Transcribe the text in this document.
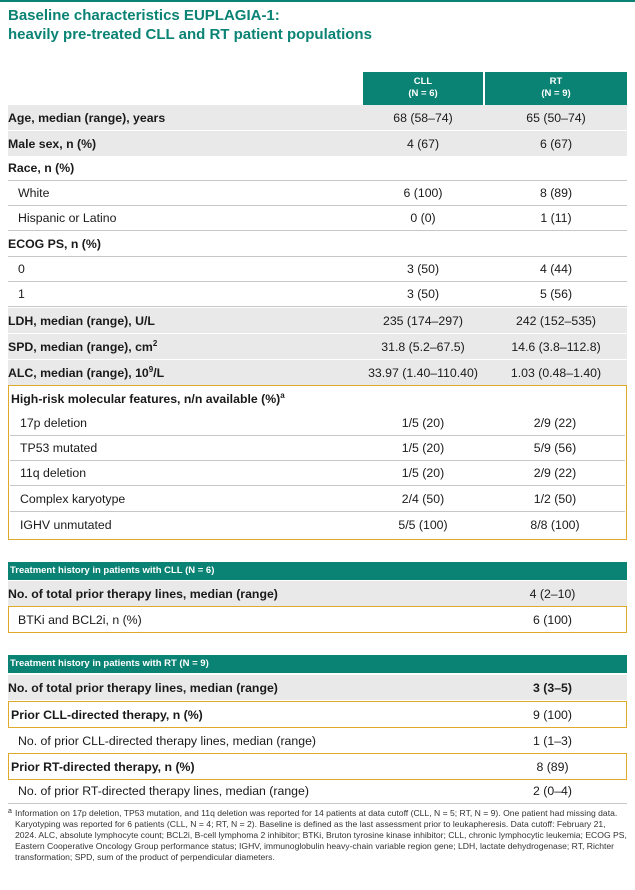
Baseline characteristics EUPLAGIA-1:
heavily pre-treated CLL and RT patient populations
CLL
(N = 6)
RT
(N = 9)
Age, median (range), years	68 (58–74)	65 (50–74)
Male sex, n (%)	4 (67)	6 (67)
Race, n (%)
White	6 (100)	8 (89)
Hispanic or Latino	0 (0)	1 (11)
ECOG PS, n (%)
0	3 (50)	4 (44)
1	3 (50)	5 (56)
LDH, median (range), U/L	235 (174–297)	242 (152–535)
SPD, median (range), $cm^2$	31.8 (5.2–67.5)	14.6 (3.8–112.8)
ALC, median (range), $10^9/L$	33.97 (1.40–110.40)	1.03 (0.48–1.40)
High-risk molecular features, n/n available (%)$^a$
17p deletion	1/5 (20)	2/9 (22)
TP53 mutated	1/5 (20)	5/9 (56)
11q deletion	1/5 (20)	2/9 (22)
Complex karyotype	2/4 (50)	1/2 (50)
IGHV unmutated	5/5 (100)	8/8 (100)
Treatment history in patients with CLL (N = 6)
No. of total prior therapy lines, median (range)	4 (2–10)
BTKi and BCL2i, n (%)	6 (100)
Treatment history in patients with RT (N = 9)
No. of total prior therapy lines, median (range)	3 (3–5)
Prior CLL-directed therapy, n (%)	9 (100)
No. of prior CLL-directed therapy lines, median (range)	1 (1–3)
Prior RT-directed therapy, n (%)	8 (89)
No. of prior RT-directed therapy lines, median (range)	2 (0–4)
a Information on 17p deletion, TP53 mutation, and 11q deletion was reported for 14 patients at data cutoff (CLL, N = 5; RT, N = 9). One patient had missing data. Karyotyping was reported for 6 patients (CLL, N = 4; RT, N = 2). Baseline is defined as the last assessment prior to leukapheresis. Data cutoff: February 21, 2024. ALC, absolute lymphocyte count; BCL2i, B-cell lymphoma 2 inhibitor; BTKi, Bruton tyrosine kinase inhibitor; CLL, chronic lymphocytic leukemia; ECOG PS, Eastern Cooperative Oncology Group performance status; IGHV, immunoglobulin heavy-chain variable region gene; LDH, lactate dehydrogenase; RT, Richter transformation; SPD, sum of the product of perpendicular diameters.
